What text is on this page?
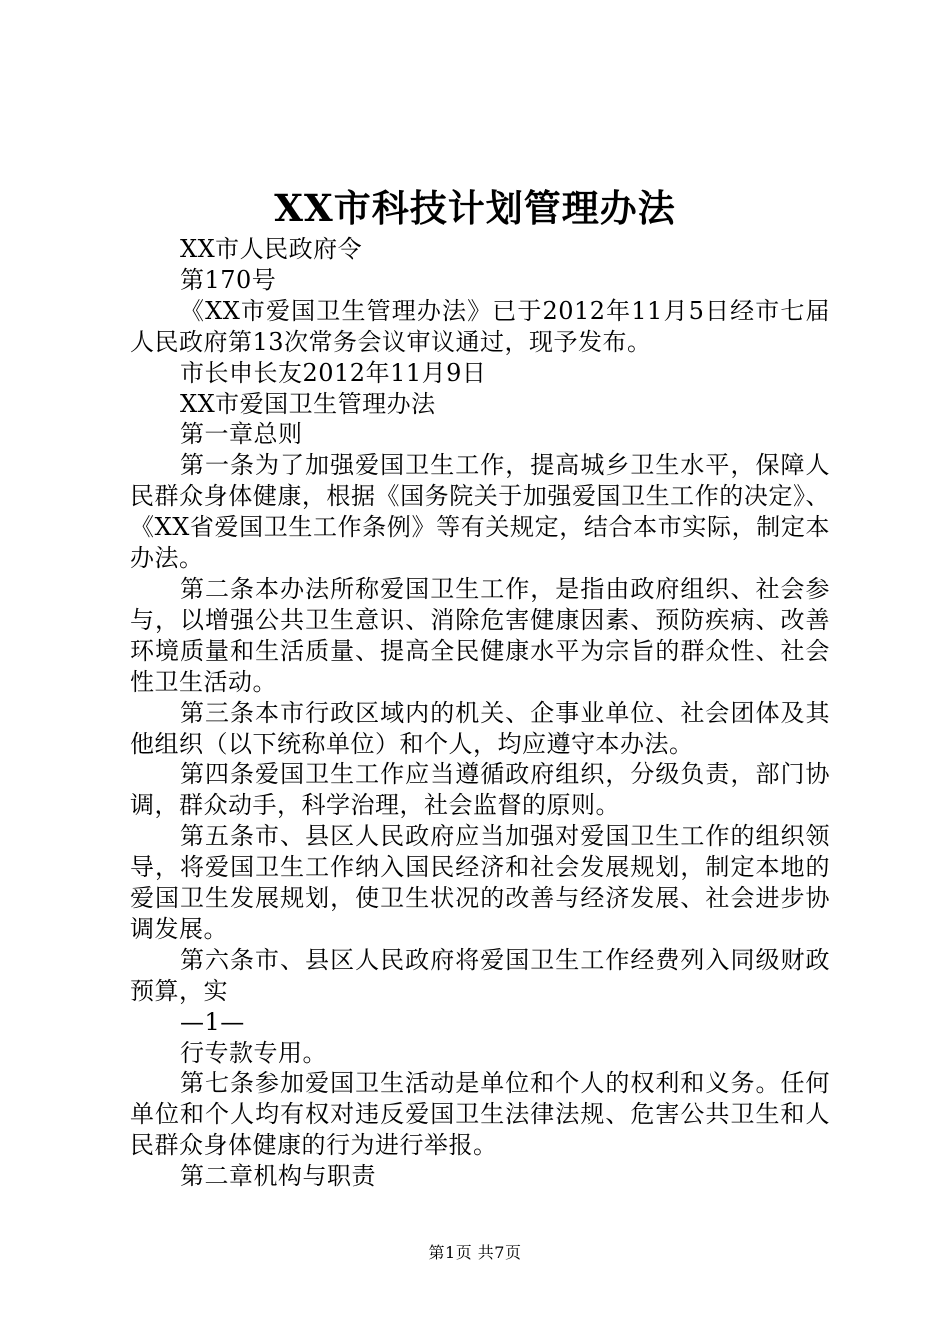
XX市科技计划管理办法

XX市人民政府令

第170号

《XX市爱国卫生管理办法》已于2012年11月5日经市七届人民政府第13次常务会议审议通过，现予发布。

市长申长友2012年11月9日

XX市爱国卫生管理办法

第一章总则

第一条为了加强爱国卫生工作，提高城乡卫生水平，保障人民群众身体健康，根据《国务院关于加强爱国卫生工作的决定》、《XX省爱国卫生工作条例》等有关规定，结合本市实际，制定本办法。

第二条本办法所称爱国卫生工作，是指由政府组织、社会参与，以增强公共卫生意识、消除危害健康因素、预防疾病、改善环境质量和生活质量、提高全民健康水平为宗旨的群众性、社会性卫生活动。

第三条本市行政区域内的机关、企事业单位、社会团体及其他组织（以下统称单位）和个人，均应遵守本办法。

第四条爱国卫生工作应当遵循政府组织，分级负责，部门协调，群众动手，科学治理，社会监督的原则。

第五条市、县区人民政府应当加强对爱国卫生工作的组织领导，将爱国卫生工作纳入国民经济和社会发展规划，制定本地的爱国卫生发展规划，使卫生状况的改善与经济发展、社会进步协调发展。

第六条市、县区人民政府将爱国卫生工作经费列入同级财政预算，实

—1—

行专款专用。

第七条参加爱国卫生活动是单位和个人的权利和义务。任何单位和个人均有权对违反爱国卫生法律法规、危害公共卫生和人民群众身体健康的行为进行举报。

第二章机构与职责

第1页 共7页
